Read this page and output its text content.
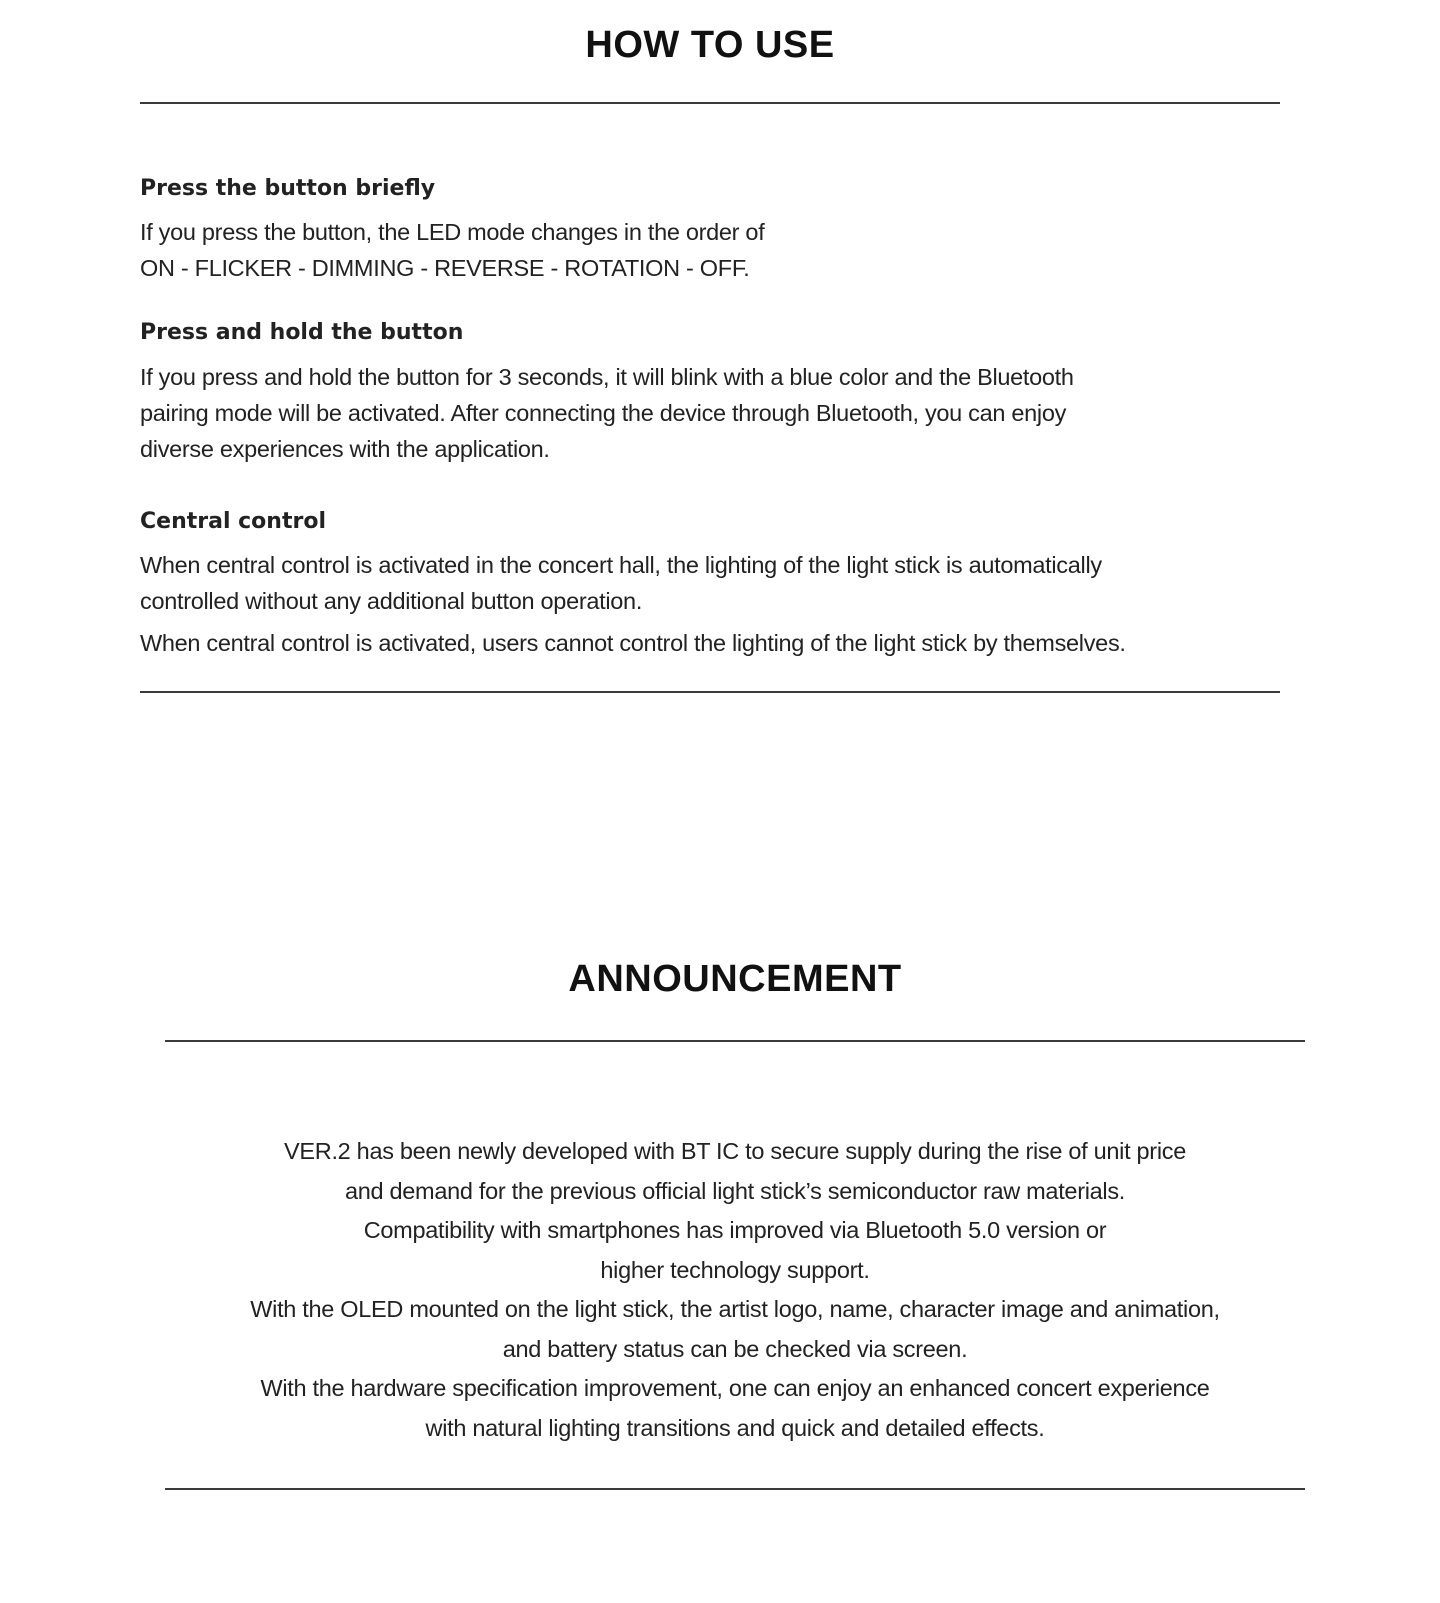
HOW TO USE
Press the button briefly
If you press the button, the LED mode changes in the order of
ON - FLICKER - DIMMING - REVERSE - ROTATION - OFF.
Press and hold the button
If you press and hold the button for 3 seconds, it will blink with a blue color and the Bluetooth
pairing mode will be activated. After connecting the device through Bluetooth, you can enjoy
diverse experiences with the application.
Central control
When central control is activated in the concert hall, the lighting of the light stick is automatically
controlled without any additional button operation.
When central control is activated, users cannot control the lighting of the light stick by themselves.
ANNOUNCEMENT
VER.2 has been newly developed with BT IC to secure supply during the rise of unit price
and demand for the previous official light stick’s semiconductor raw materials.
Compatibility with smartphones has improved via Bluetooth 5.0 version or
higher technology support.
With the OLED mounted on the light stick, the artist logo, name, character image and animation,
and battery status can be checked via screen.
With the hardware specification improvement, one can enjoy an enhanced concert experience
with natural lighting transitions and quick and detailed effects.
